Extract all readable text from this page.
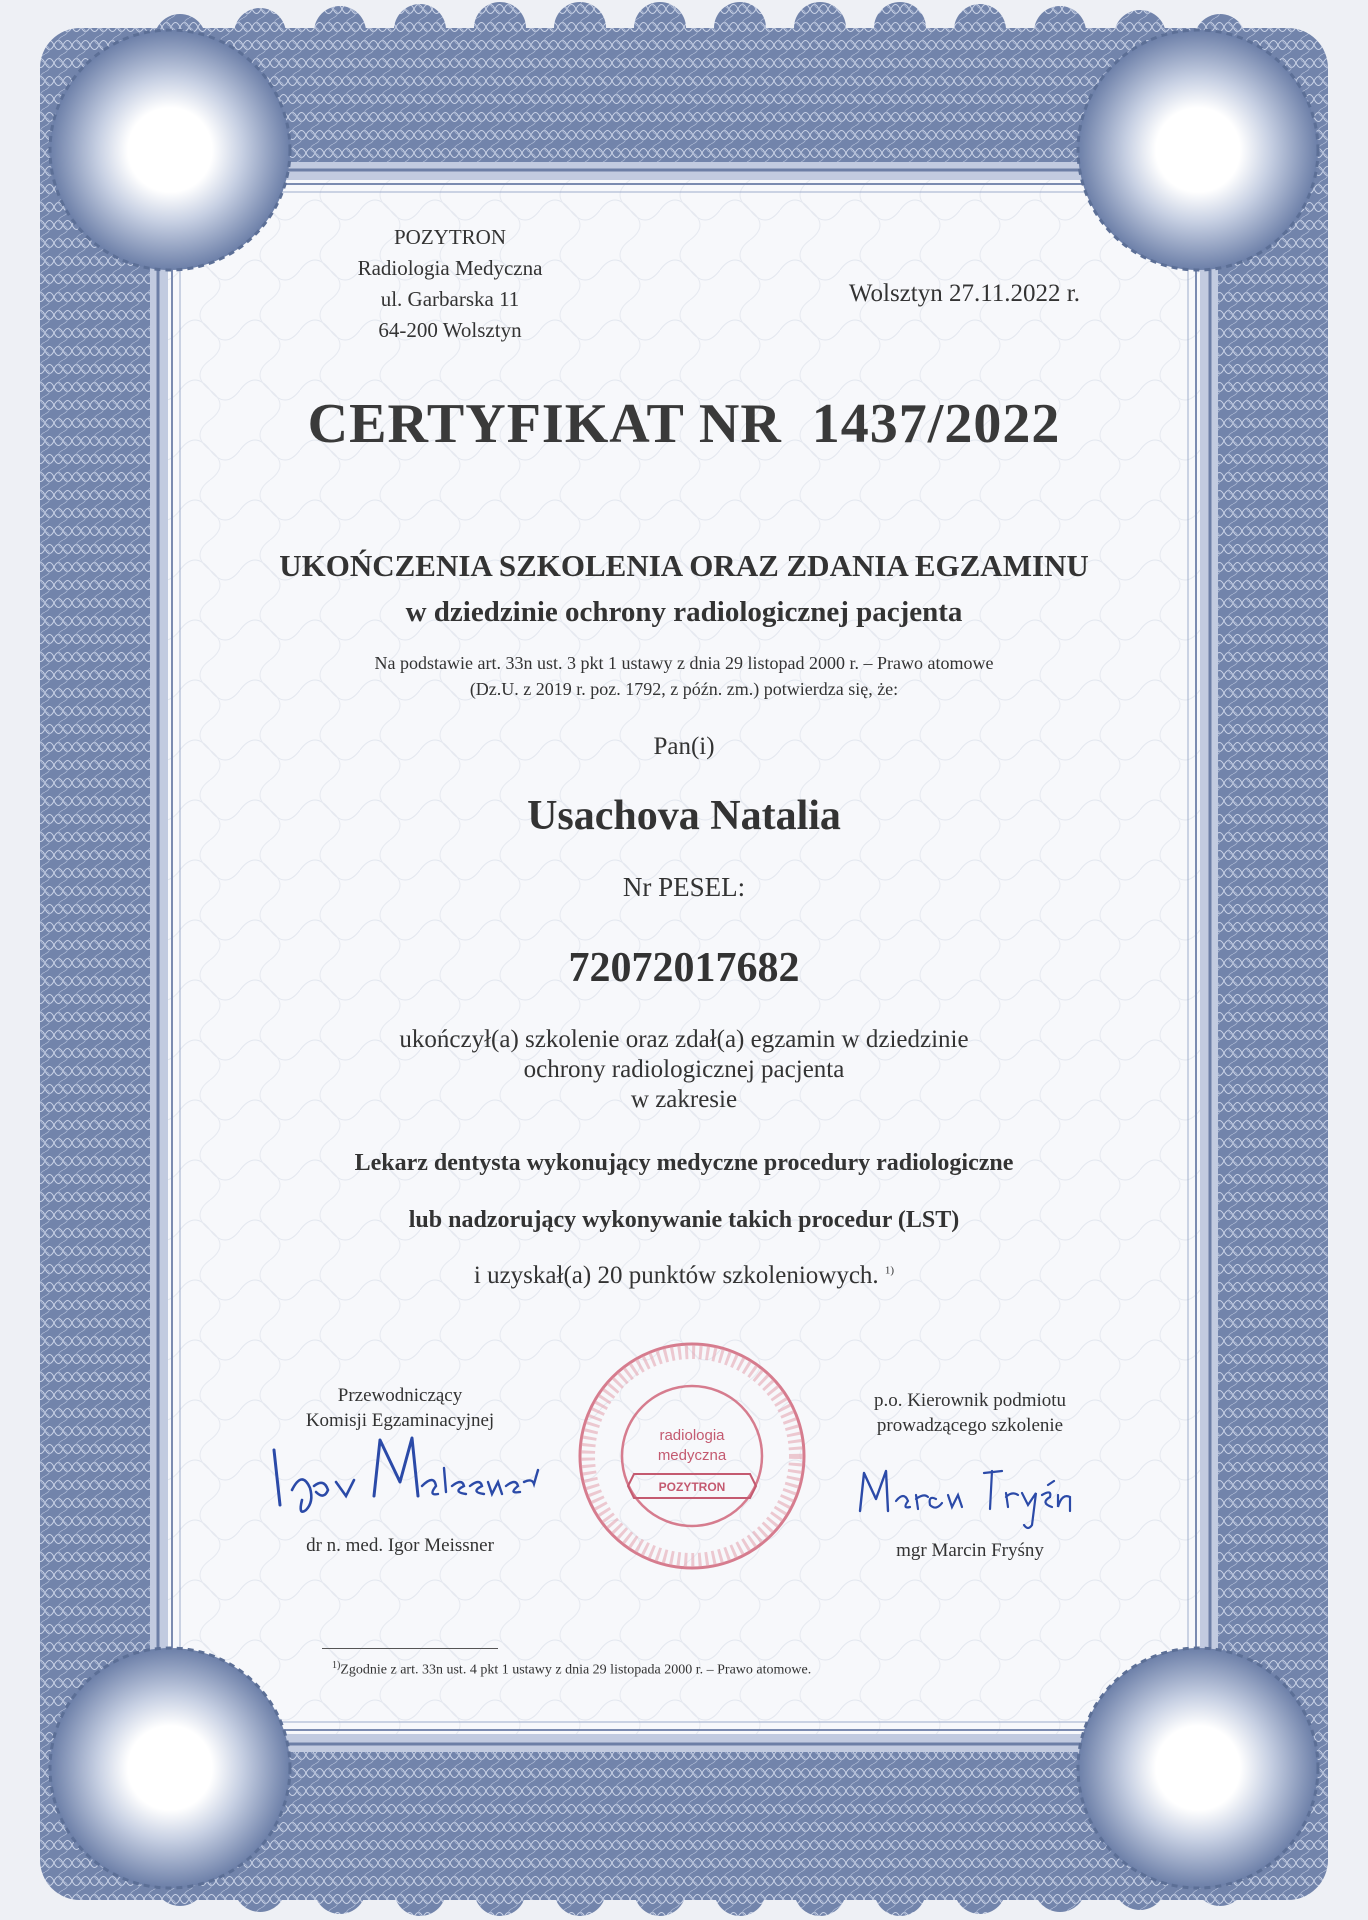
POZYTRON
Radiologia Medyczna
ul. Garbarska 11
64-200 Wolsztyn
Wolsztyn 27.11.2022 r.
CERTYFIKAT NR  1437/2022
UKOŃCZENIA SZKOLENIA ORAZ ZDANIA EGZAMINU
w dziedzinie ochrony radiologicznej pacjenta
Na podstawie art. 33n ust. 3 pkt 1 ustawy z dnia 29 listopad 2000 r. – Prawo atomowe
(Dz.U. z 2019 r. poz. 1792, z późn. zm.) potwierdza się, że:
Pan(i)
Usachova Natalia
Nr PESEL:
72072017682
ukończył(a) szkolenie oraz zdał(a) egzamin w dziedzinie
ochrony radiologicznej pacjenta
w zakresie
Lekarz dentysta wykonujący medyczne procedury radiologiczne
lub nadzorujący wykonywanie takich procedur (LST)
i uzyskał(a) 20 punktów szkoleniowych. $^{1)}$
Przewodniczący
Komisji Egzaminacyjnej
dr n. med. Igor Meissner
radiologia
medyczna
POZYTRON
p.o. Kierownik podmiotu
prowadzącego szkolenie
mgr Marcin Fryśny
$^{1)}$Zgodnie z art. 33n ust. 4 pkt 1 ustawy z dnia 29 listopada 2000 r. – Prawo atomowe.
